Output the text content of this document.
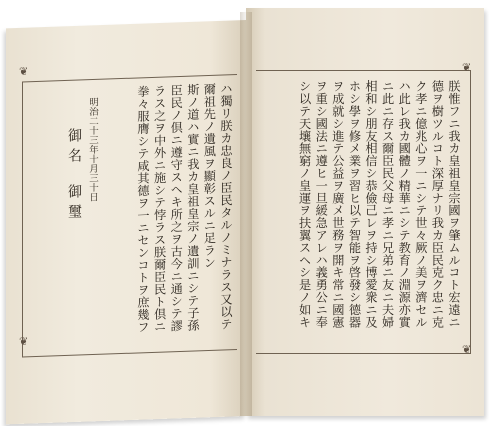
❦
❦
❦
❦
朕惟フニ我カ皇祖皇宗國ヲ肇ムルコト宏遠ニ
德ヲ樹ツルコト深厚ナリ我カ臣民克ク忠ニ克
ク孝ニ億兆心ヲ一ニシテ世々厥ノ美ヲ濟セル
ハ此レ我カ國體ノ精華ニシテ教育ノ淵源亦實
ニ此ニ存ス爾臣民父母ニ孝ニ兄弟ニ友ニ夫婦
相和シ朋友相信シ恭儉己レヲ持シ博愛衆ニ及
ホシ學ヲ修メ業ヲ習ヒ以テ智能ヲ啓發シ德器
ヲ成就シ進テ公益ヲ廣メ世務ヲ開キ常ニ國憲
ヲ重シ國法ニ遵ヒ一旦緩急アレハ義勇公ニ奉
シ以テ天壤無窮ノ皇運ヲ扶翼スヘシ是ノ如キ
ハ獨リ朕カ忠良ノ臣民タルノミナラス又以テ
爾祖先ノ遺風ヲ顯彰スルニ足ラン
斯ノ道ハ實ニ我カ皇祖皇宗ノ遺訓ニシテ子孫
臣民ノ倶ニ遵守スヘキ所之ヲ古今ニ通シテ謬
ラス之ヲ中外ニ施シテ悖ラス朕爾臣民ト倶ニ
拳々服膺シテ咸其德ヲ一ニセンコトヲ庶幾フ
明治二十三年十月三十日
御名
御璽
